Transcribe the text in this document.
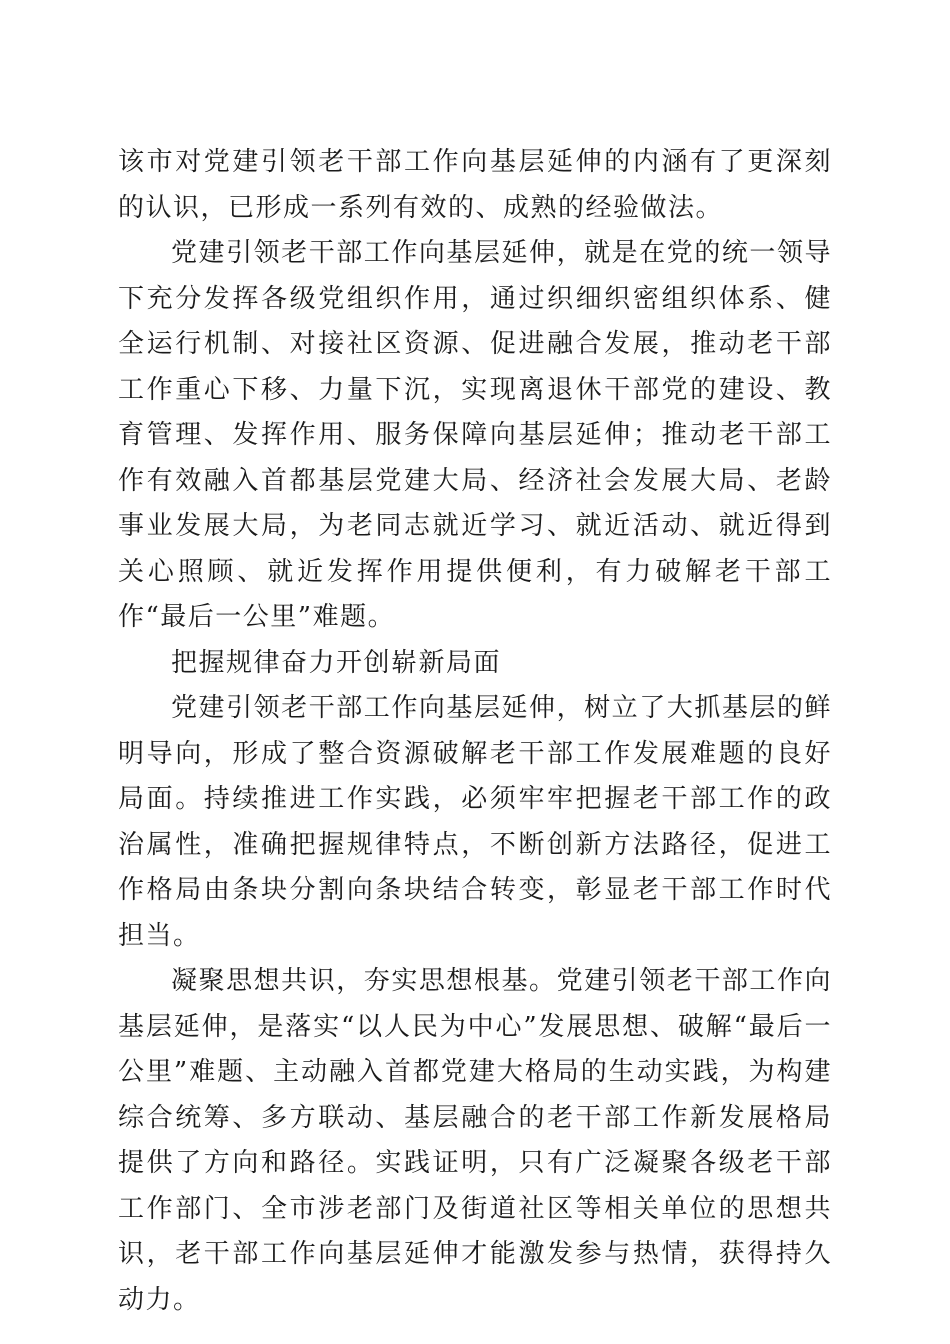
该市对党建引领老干部工作向基层延伸的内涵有了更深刻的认识，已形成一系列有效的、成熟的经验做法。

党建引领老干部工作向基层延伸，就是在党的统一领导下充分发挥各级党组织作用，通过织细织密组织体系、健全运行机制、对接社区资源、促进融合发展，推动老干部工作重心下移、力量下沉，实现离退休干部党的建设、教育管理、发挥作用、服务保障向基层延伸；推动老干部工作有效融入首都基层党建大局、经济社会发展大局、老龄事业发展大局，为老同志就近学习、就近活动、就近得到关心照顾、就近发挥作用提供便利，有力破解老干部工作“最后一公里”难题。

把握规律奋力开创崭新局面

党建引领老干部工作向基层延伸，树立了大抓基层的鲜明导向，形成了整合资源破解老干部工作发展难题的良好局面。持续推进工作实践，必须牢牢把握老干部工作的政治属性，准确把握规律特点，不断创新方法路径，促进工作格局由条块分割向条块结合转变，彰显老干部工作时代担当。

凝聚思想共识，夯实思想根基。党建引领老干部工作向基层延伸，是落实“以人民为中心”发展思想、破解“最后一公里”难题、主动融入首都党建大格局的生动实践，为构建综合统筹、多方联动、基层融合的老干部工作新发展格局提供了方向和路径。实践证明，只有广泛凝聚各级老干部工作部门、全市涉老部门及街道社区等相关单位的思想共识，老干部工作向基层延伸才能激发参与热情，获得持久动力。
